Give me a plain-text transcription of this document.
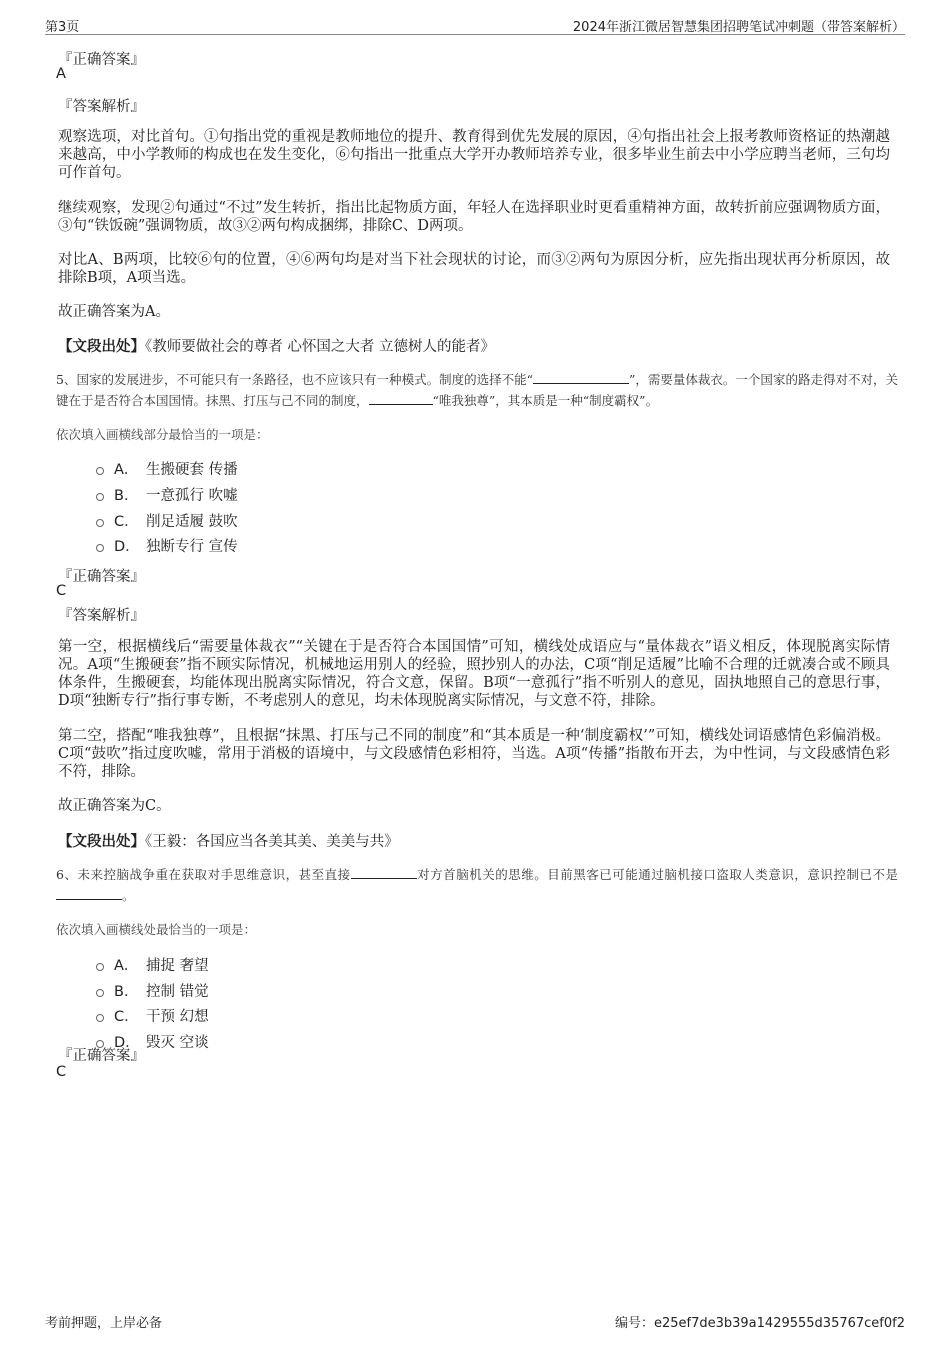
第3页	2024年浙江微居智慧集团招聘笔试冲刺题（带答案解析）
『正确答案』
A
『答案解析』
观察选项，对比首句。①句指出党的重视是教师地位的提升、教育得到优先发展的原因，④句指出社会上报考教师资格证的热潮越来越高，中小学教师的构成也在发生变化，⑥句指出一批重点大学开办教师培养专业，很多毕业生前去中小学应聘当老师，三句均可作首句。
继续观察，发现②句通过“不过”发生转折，指出比起物质方面，年轻人在选择职业时更看重精神方面，故转折前应强调物质方面，③句“铁饭碗”强调物质，故③②两句构成捆绑，排除C、D两项。
对比A、B两项，比较⑥句的位置，④⑥两句均是对当下社会现状的讨论，而③②两句为原因分析，应先指出现状再分析原因，故排除B项，A项当选。
故正确答案为A。
【文段出处】《教师要做社会的尊者 心怀国之大者 立德树人的能者》
5、国家的发展进步，不可能只有一条路径，也不应该只有一种模式。制度的选择不能“	”，需要量体裁衣。一个国家的路走得对不对，关键在于是否符合本国国情。抹黑、打压与己不同的制度，	“唯我独尊”，其本质是一种“制度霸权”。
依次填入画横线部分最恰当的一项是：
A． 生搬硬套 传播
B． 一意孤行 吹嘘
C． 削足适履 鼓吹
D． 独断专行 宣传
『正确答案』
C
『答案解析』
第一空，根据横线后“需要量体裁衣”“关键在于是否符合本国国情”可知，横线处成语应与“量体裁衣”语义相反，体现脱离实际情况。A项“生搬硬套”指不顾实际情况，机械地运用别人的经验，照抄别人的办法，C项“削足适履”比喻不合理的迁就凑合或不顾具体条件，生搬硬套，均能体现出脱离实际情况，符合文意，保留。B项“一意孤行”指不听别人的意见，固执地照自己的意思行事，D项“独断专行”指行事专断，不考虑别人的意见，均未体现脱离实际情况，与文意不符，排除。
第二空，搭配“唯我独尊”，且根据“抹黑、打压与己不同的制度”和“其本质是一种‘制度霸权’”可知，横线处词语感情色彩偏消极。C项“鼓吹”指过度吹嘘，常用于消极的语境中，与文段感情色彩相符，当选。A项“传播”指散布开去，为中性词，与文段感情色彩不符，排除。
故正确答案为C。
【文段出处】《王毅：各国应当各美其美、美美与共》
6、未来控脑战争重在获取对手思维意识，甚至直接	对方首脑机关的思维。目前黑客已可能通过脑机接口盗取人类意识，意识控制已不是。
依次填入画横线处最恰当的一项是：
A． 捕捉 奢望
B． 控制 错觉
C． 干预 幻想
D． 毁灭 空谈
『正确答案』
C
考前押题，上岸必备	编号：e25ef7de3b39a1429555d35767cef0f2
